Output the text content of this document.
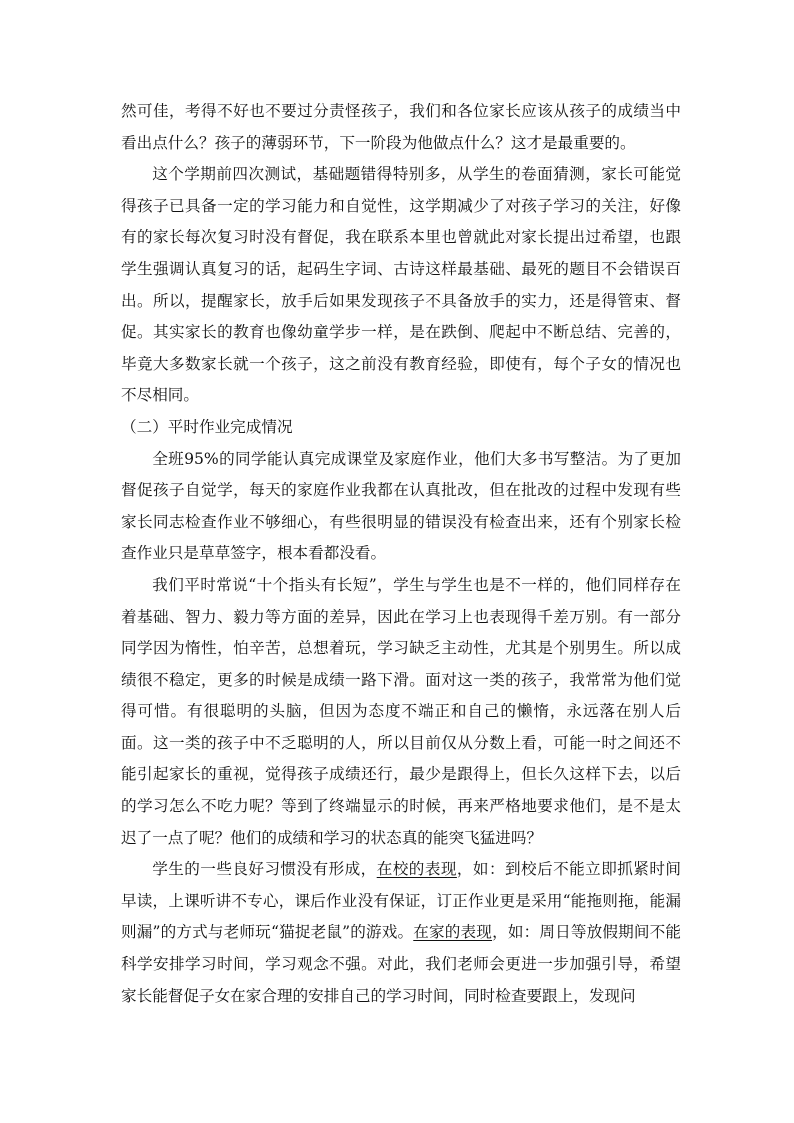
然可佳，考得不好也不要过分责怪孩子，我们和各位家长应该从孩子的成绩当中看出点什么？孩子的薄弱环节，下一阶段为他做点什么？这才是最重要的。

这个学期前四次测试，基础题错得特别多，从学生的卷面猜测，家长可能觉得孩子已具备一定的学习能力和自觉性，这学期减少了对孩子学习的关注，好像有的家长每次复习时没有督促，我在联系本里也曾就此对家长提出过希望，也跟学生强调认真复习的话，起码生字词、古诗这样最基础、最死的题目不会错误百出。所以，提醒家长，放手后如果发现孩子不具备放手的实力，还是得管束、督促。其实家长的教育也像幼童学步一样，是在跌倒、爬起中不断总结、完善的，毕竟大多数家长就一个孩子，这之前没有教育经验，即使有，每个子女的情况也不尽相同。

（二）平时作业完成情况

全班95%的同学能认真完成课堂及家庭作业，他们大多书写整洁。为了更加督促孩子自觉学，每天的家庭作业我都在认真批改，但在批改的过程中发现有些家长同志检查作业不够细心，有些很明显的错误没有检查出来，还有个别家长检查作业只是草草签字，根本看都没看。

我们平时常说“十个指头有长短”，学生与学生也是不一样的，他们同样存在着基础、智力、毅力等方面的差异，因此在学习上也表现得千差万别。有一部分同学因为惰性，怕辛苦，总想着玩，学习缺乏主动性，尤其是个别男生。所以成绩很不稳定，更多的时候是成绩一路下滑。面对这一类的孩子，我常常为他们觉得可惜。有很聪明的头脑，但因为态度不端正和自己的懒惰，永远落在别人后面。这一类的孩子中不乏聪明的人，所以目前仅从分数上看，可能一时之间还不能引起家长的重视，觉得孩子成绩还行，最少是跟得上，但长久这样下去，以后的学习怎么不吃力呢？等到了终端显示的时候，再来严格地要求他们，是不是太迟了一点了呢？他们的成绩和学习的状态真的能突飞猛进吗？

学生的一些良好习惯没有形成，在校的表现，如：到校后不能立即抓紧时间早读，上课听讲不专心，课后作业没有保证，订正作业更是采用“能拖则拖，能漏则漏”的方式与老师玩“猫捉老鼠”的游戏。在家的表现，如：周日等放假期间不能科学安排学习时间，学习观念不强。对此，我们老师会更进一步加强引导，希望家长能督促子女在家合理的安排自己的学习时间，同时检查要跟上，发现问
